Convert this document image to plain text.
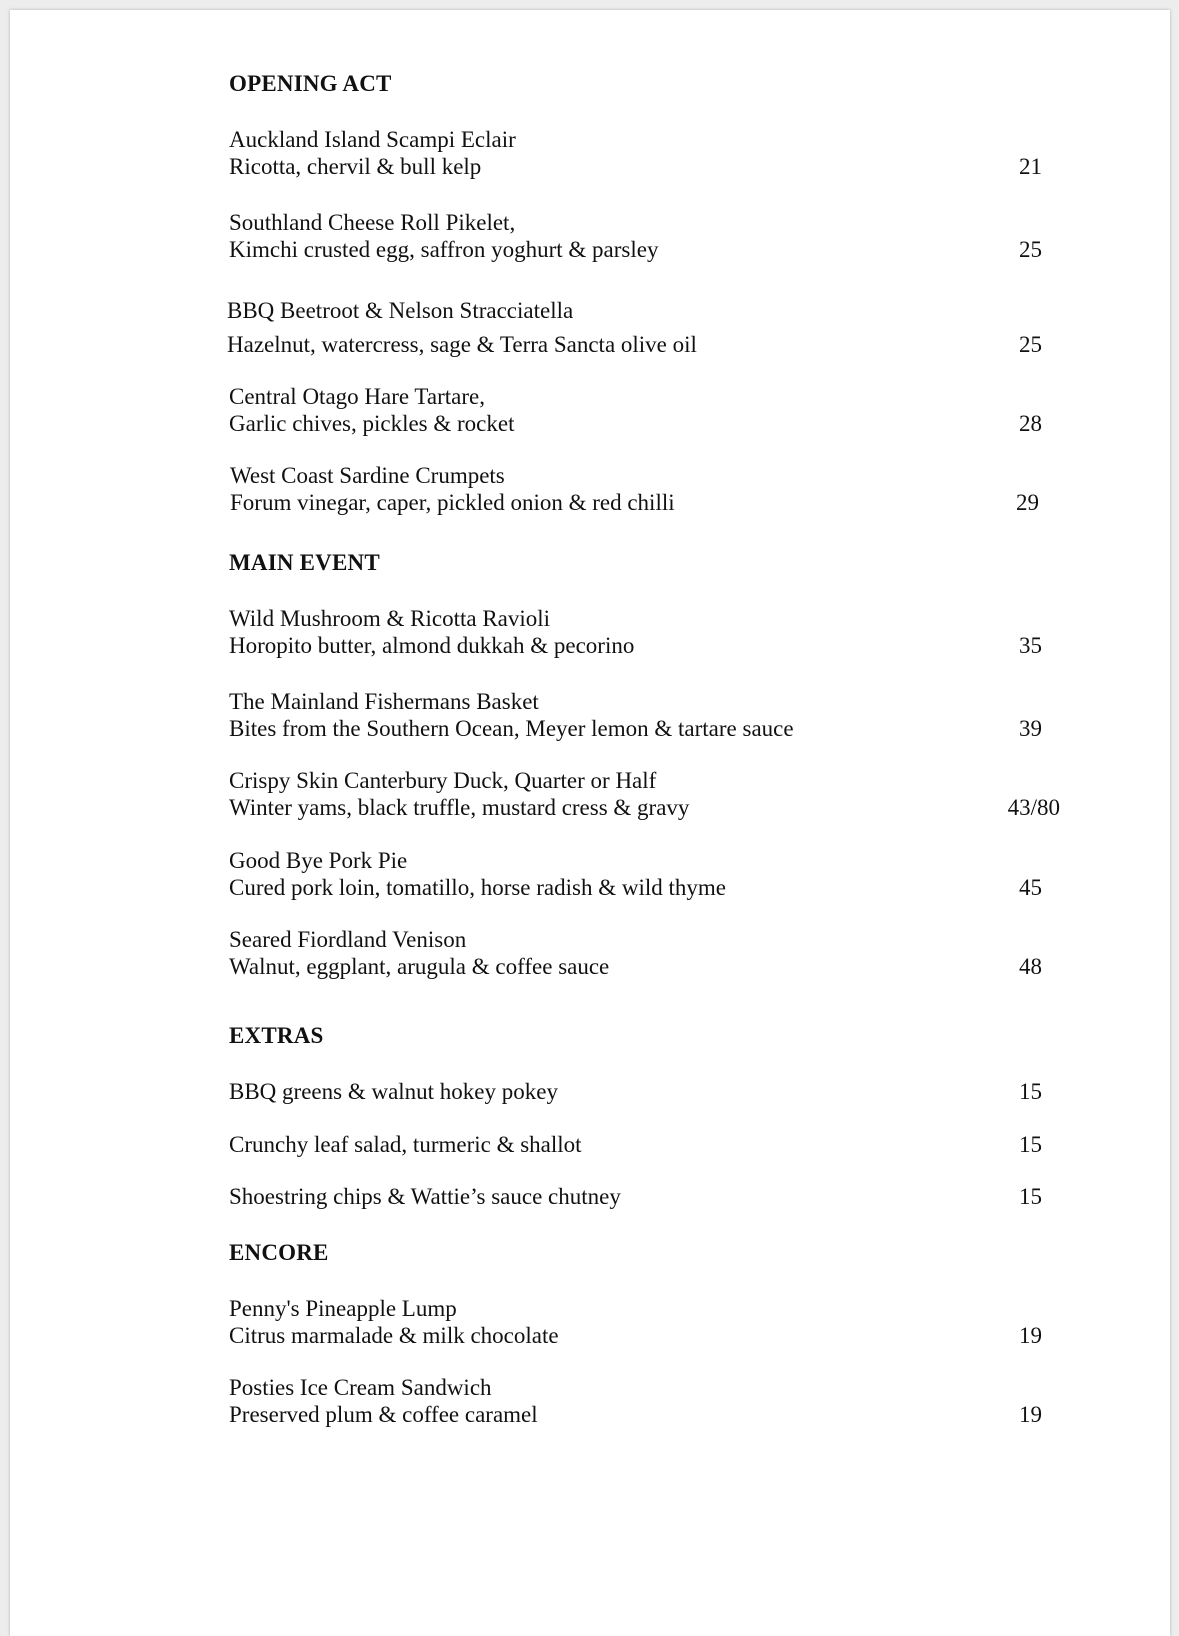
OPENING ACT
Auckland Island Scampi Eclair
Ricotta, chervil & bull kelp	21
Southland Cheese Roll Pikelet,
Kimchi crusted egg, saffron yoghurt & parsley	25
BBQ Beetroot & Nelson Stracciatella
Hazelnut, watercress, sage & Terra Sancta olive oil	25
Central Otago Hare Tartare,
Garlic chives, pickles & rocket	28
West Coast Sardine Crumpets
Forum vinegar, caper, pickled onion & red chilli	29
MAIN EVENT
Wild Mushroom & Ricotta Ravioli
Horopito butter, almond dukkah & pecorino	35
The Mainland Fishermans Basket
Bites from the Southern Ocean, Meyer lemon & tartare sauce	39
Crispy Skin Canterbury Duck, Quarter or Half
Winter yams, black truffle, mustard cress & gravy	43/80
Good Bye Pork Pie
Cured pork loin, tomatillo, horse radish & wild thyme	45
Seared Fiordland Venison
Walnut, eggplant, arugula & coffee sauce	48
EXTRAS
BBQ greens & walnut hokey pokey	15
Crunchy leaf salad, turmeric & shallot	15
Shoestring chips & Wattie’s sauce chutney	15
ENCORE
Penny's Pineapple Lump
Citrus marmalade & milk chocolate	19
Posties Ice Cream Sandwich
Preserved plum & coffee caramel	19
